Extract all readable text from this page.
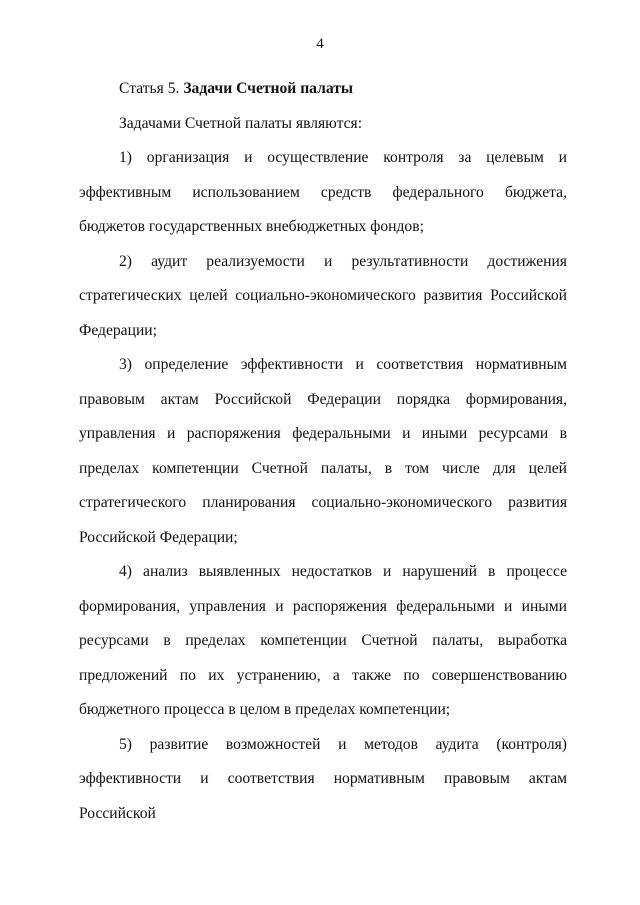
4

Статья 5. Задачи Счетной палаты

Задачами Счетной палаты являются:

1) организация и осуществление контроля за целевым и эффективным использованием средств федерального бюджета, бюджетов государственных внебюджетных фондов;

2) аудит реализуемости и результативности достижения стратегических целей социально-экономического развития Российской Федерации;

3) определение эффективности и соответствия нормативным правовым актам Российской Федерации порядка формирования, управления и распоряжения федеральными и иными ресурсами в пределах компетенции Счетной палаты, в том числе для целей стратегического планирования социально-экономического развития Российской Федерации;

4) анализ выявленных недостатков и нарушений в процессе формирования, управления и распоряжения федеральными и иными ресурсами в пределах компетенции Счетной палаты, выработка предложений по их устранению, а также по совершенствованию бюджетного процесса в целом в пределах компетенции;

5) развитие возможностей и методов аудита (контроля) эффективности и соответствия нормативным правовым актам Российской
